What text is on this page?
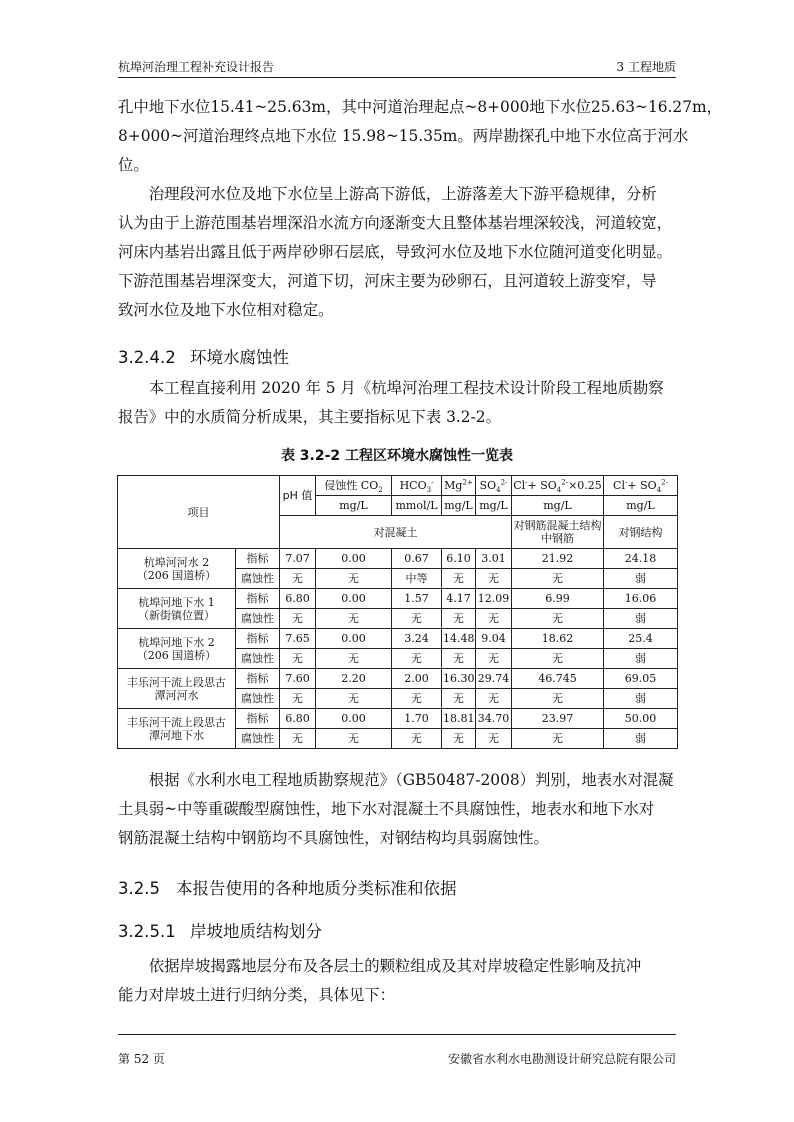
杭埠河治理工程补充设计报告	3 工程地质
孔中地下水位15.41~25.63m，其中河道治理起点~8+000地下水位25.63~16.27m，
8+000~河道治理终点地下水位 15.98~15.35m。两岸勘探孔中地下水位高于河水
位。
　　治理段河水位及地下水位呈上游高下游低，上游落差大下游平稳规律，分析
认为由于上游范围基岩埋深沿水流方向逐渐变大且整体基岩埋深较浅，河道较宽，
河床内基岩出露且低于两岸砂卵石层底，导致河水位及地下水位随河道变化明显。
下游范围基岩埋深变大，河道下切，河床主要为砂卵石，且河道较上游变窄，导
致河水位及地下水位相对稳定。
3.2.4.2 环境水腐蚀性
　　本工程直接利用 2020 年 5 月《杭埠河治理工程技术设计阶段工程地质勘察
报告》中的水质简分析成果，其主要指标见下表 3.2-2。
表 3.2-2 工程区环境水腐蚀性一览表
项目		pH 值	侵蚀性 $CO_2$	$HCO_3^-$	$Mg^{2+}$	$SO_4^{2-}$	$Cl^-+ SO_4^{2-}\times 0.25$	$Cl^-+ SO_4^{2-}$
			mg/L	mmol/L	mg/L	mg/L	mg/L	mg/L
		对混凝土					对钢筋混凝土结构中钢筋	对钢结构
杭埠河河水 2
（206 国道桥）	指标	7.07	0.00	0.67	6.10	3.01	21.92	24.18
	腐蚀性	无	无	中等	无	无	无	弱
杭埠河地下水 1
（新街镇位置）	指标	6.80	0.00	1.57	4.17	12.09	6.99	16.06
	腐蚀性	无	无	无	无	无	无	弱
杭埠河地下水 2
（206 国道桥）	指标	7.65	0.00	3.24	14.48	9.04	18.62	25.4
	腐蚀性	无	无	无	无	无	无	弱
丰乐河干流上段思古
潭河河水	指标	7.60	2.20	2.00	16.30	29.74	46.745	69.05
	腐蚀性	无	无	无	无	无	无	弱
丰乐河干流上段思古
潭河地下水	指标	6.80	0.00	1.70	18.81	34.70	23.97	50.00
	腐蚀性	无	无	无	无	无	无	弱
　　根据《水利水电工程地质勘察规范》（GB50487-2008）判别，地表水对混凝
土具弱~中等重碳酸型腐蚀性，地下水对混凝土不具腐蚀性，地表水和地下水对
钢筋混凝土结构中钢筋均不具腐蚀性，对钢结构均具弱腐蚀性。
3.2.5 本报告使用的各种地质分类标准和依据
3.2.5.1 岸坡地质结构划分
　　依据岸坡揭露地层分布及各层土的颗粒组成及其对岸坡稳定性影响及抗冲
能力对岸坡土进行归纳分类，具体见下：
第 52 页	安徽省水利水电勘测设计研究总院有限公司
